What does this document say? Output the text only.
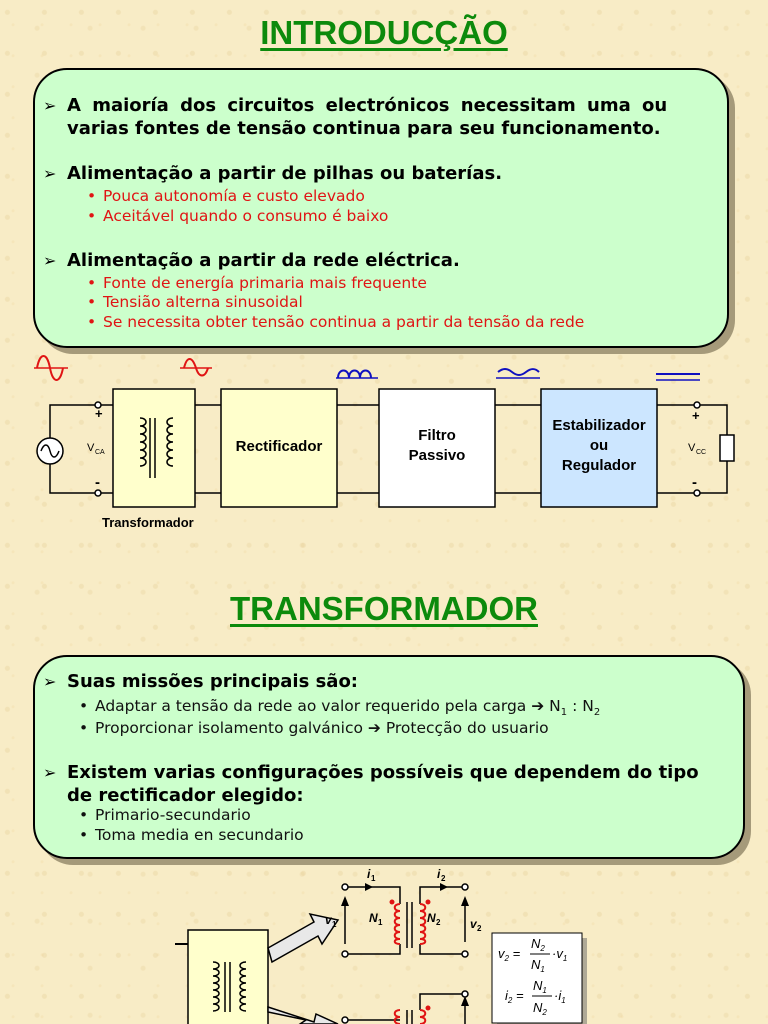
INTRODUCÇÃO
➢ A maioría dos circuitos electrónicos necessitam uma ou
varias fontes de tensão continua para seu funcionamento.
➢ Alimentação a partir de pilhas ou baterías.
• Pouca autonomía e custo elevado
• Aceitável quando o consumo é baixo
➢ Alimentação a partir da rede eléctrica.
• Fonte de energía primaria mais frequente
• Tensião alterna sinusoidal
• Se necessita obter tensão continua a partir da tensão da rede
+
-
+
-
V CA	V CC
Transformador
Rectificador
Filtro
Passivo
Estabilizador
ou
Regulador
TRANSFORMADOR
➢ Suas missões principais são:
• Adaptar a tensão da rede ao valor requerido pela carga ➔ $N_1$ : $N_2$
• Proporcionar isolamento galvánico ➔ Protecção do usuario
➢ Existem varias configurações possíveis que dependem do tipo
de rectificador elegido:
• Primario-secundario
• Toma media en secundario
i 1	i 2
v 1	v 2
N 1	N 2
$v_2$ =
$N_2$
$N_1$
$\cdot v_1$
$i_2$ =
$N_1$
$N_2$
$\cdot i_1$
